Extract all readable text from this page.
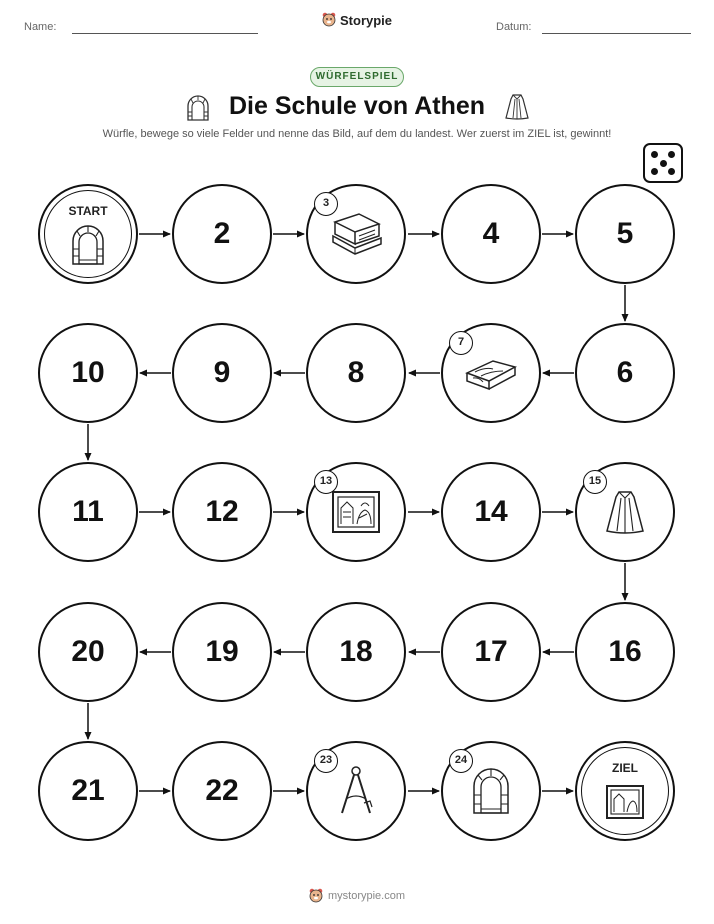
Name:	Storypie	Datum:
WÜRFELSPIEL
Die Schule von Athen
Würfle, bewege so viele Felder und nenne das Bild, auf dem du landest. Wer zuerst im ZIEL ist, gewinnt!
START
2
3
4	5
10	9	8
7
6
11	12
13
14
15
20	19	18	17	16
21	22
23	24
ZIEL
mystorypie.com
